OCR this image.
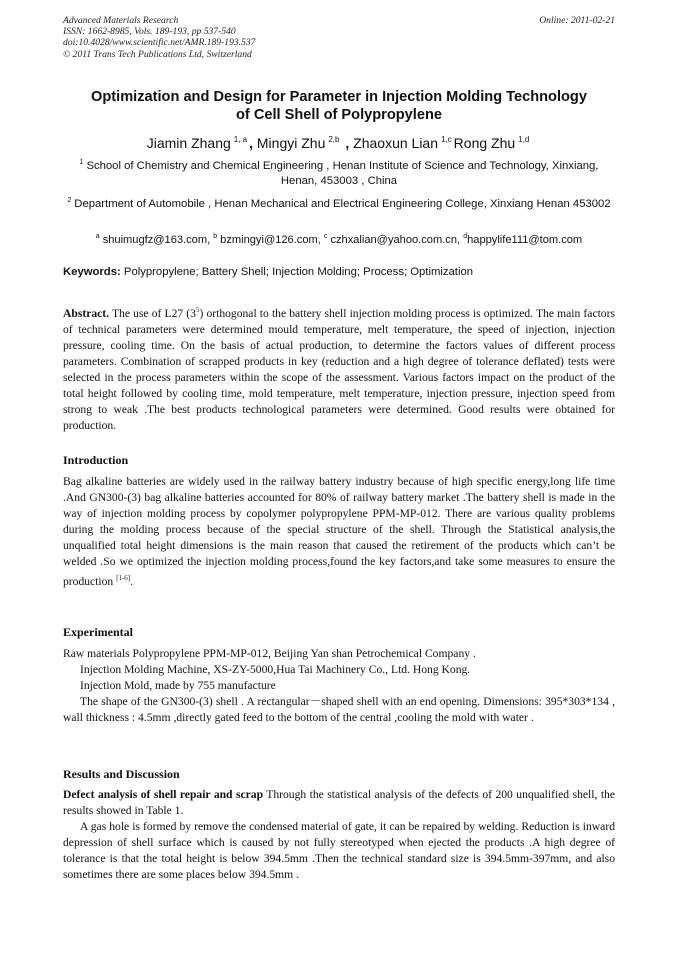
Advanced Materials Research
ISSN: 1662-8985, Vols. 189-193, pp 537-540
doi:10.4028/www.scientific.net/AMR.189-193.537
© 2011 Trans Tech Publications Ltd, Switzerland
Online: 2011-02-21
Optimization and Design for Parameter in Injection Molding Technology
of Cell Shell of Polypropylene
Jiamin Zhang $^{1, a}$ , Mingyi Zhu $^{2,b}$ , Zhaoxun Lian $^{1,c}$ Rong Zhu $^{1,d}$
$^1$ School of Chemistry and Chemical Engineering , Henan Institute of Science and Technology, Xinxiang, Henan, 453003 , China
$^2$ Department of Automobile , Henan Mechanical and Electrical Engineering College, Xinxiang Henan 453002
$^a$ shuimugfz@163.com, $^b$ bzmingyi@126.com, $^c$ czhxalian@yahoo.com.cn, $^d$happylife111@tom.com
Keywords: Polypropylene; Battery Shell; Injection Molding; Process; Optimization
Abstract. The use of L27 $(3^5)$ orthogonal to the battery shell injection molding process is optimized. The main factors of technical parameters were determined mould temperature, melt temperature, the speed of injection, injection pressure, cooling time. On the basis of actual production, to determine the factors values of different process parameters. Combination of scrapped products in key (reduction and a high degree of tolerance deflated) tests were selected in the process parameters within the scope of the assessment. Various factors impact on the product of the total height followed by cooling time, mold temperature, melt temperature, injection pressure, injection speed from strong to weak .The best products technological parameters were determined. Good results were obtained for production.
Introduction
Bag alkaline batteries are widely used in the railway battery industry because of high specific energy,long life time .And GN300-(3) bag alkaline batteries accounted for 80% of railway battery market .The battery shell is made in the way of injection molding process by copolymer polypropylene PPM-MP-012. There are various quality problems during the molding process because of the special structure of the shell. Through the Statistical analysis,the unqualified total height dimensions is the main reason that caused the retirement of the products which can’t be welded .So we optimized the injection molding process,found the key factors,and take some measures to ensure the production [1-6].
Experimental

Raw materials Polypropylene PPM-MP-012, Beijing Yan shan Petrochemical Company .

Injection Molding Machine, XS-ZY-5000,Hua Tai Machinery Co., Ltd. Hong Kong.

Injection Mold, made by 755 manufacture

The shape of the GN300-(3) shell . A rectangular－shaped shell with an end opening. Dimensions: 395*303*134 , wall thickness : 4.5mm ,directly gated feed to the bottom of the central ,cooling the mold with water .

Results and Discussion

Defect analysis of shell repair and scrap Through the statistical analysis of the defects of 200 unqualified shell, the results showed in Table 1.

A gas hole is formed by remove the condensed material of gate, it can be repaired by welding. Reduction is inward depression of shell surface which is caused by not fully stereotyped when ejected the products .A high degree of tolerance is that the total height is below 394.5mm .Then the technical standard size is 394.5mm-397mm, and also sometimes there are some places below 394.5mm .
